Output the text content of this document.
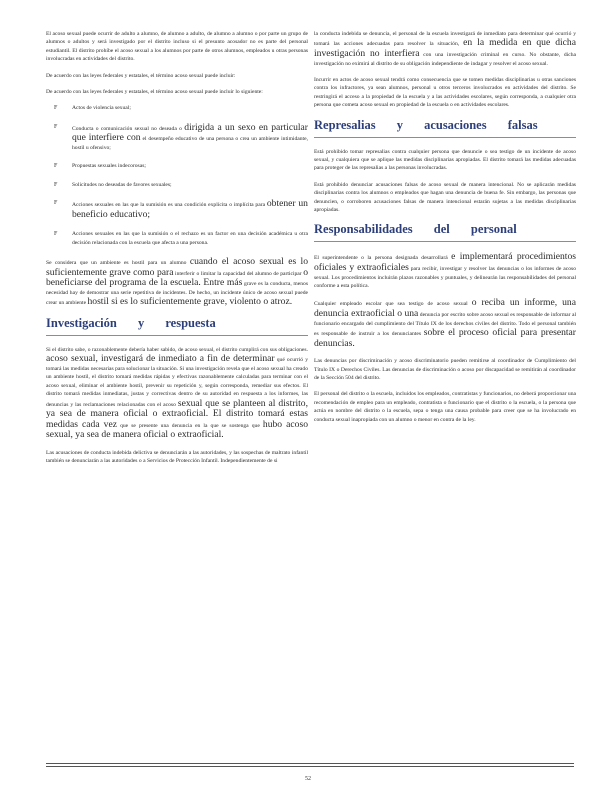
El acoso sexual puede ocurrir de adulto a alumno, de alumno a adulto, de alumno a alumno o por parte un grupo de alumnos o adultos y será investigado por el distrito incluso si el presunto acosador no es parte del personal estudiantil. El distrito prohíbe el acoso sexual a los alumnos por parte de otros alumnos, empleados u otras personas involucradas en actividades del distrito.

De acuerdo con las leyes federales y estatales, el término acoso sexual puede incluir:

De acuerdo con las leyes federales y estatales, el término acoso sexual puede incluir lo siguiente:

F Actos de violencia sexual;
F Conducta o comunicación sexual no deseada o dirigida a un sexo en particular que interfiere con el desempeño educativo de una persona o crea un ambiente intimidante, hostil u ofensivo;
F Propuestas sexuales indecorosas;
F Solicitudes no deseadas de favores sexuales;
F Acciones sexuales en las que la sumisión es una condición explícita o implícita para obtener un beneficio educativo;
F Acciones sexuales en las que la sumisión o el rechazo es un factor en una decisión académica u otra decisión relacionada con la escuela que afecta a una persona.

Se considera que un ambiente es hostil para un alumno cuando el acoso sexual es lo suficientemente grave como para interferir o limitar la capacidad del alumno de participar o beneficiarse del programa de la escuela. Entre más grave es la conducta, menos necesidad hay de demostrar una serie repetitiva de incidentes. De hecho, un incidente único de acoso sexual puede crear un ambiente hostil si es lo suficientemente grave, violento o atroz.

Investigación y respuesta

Si el distrito sabe, o razonablemente debería haber sabido, de acoso sexual, el distrito cumplirá con sus obligaciones. acoso sexual, investigará de inmediato a fin de determinar qué ocurrió y tomará las medidas necesarias para solucionar la situación. Si una investigación revela que el acoso sexual ha creado un ambiente hostil, el distrito tomará medidas rápidas y efectivas razonablemente calculadas para terminar con el acoso sexual, eliminar el ambiente hostil, prevenir su repetición y, según corresponda, remediar sus efectos. El distrito tomará medidas inmediatas, justas y correctivas dentro de su autoridad en respuesta a los informes, las denuncias y las reclamaciones relacionadas con el acoso sexual que se planteen al distrito, ya sea de manera oficial o extraoficial. El distrito tomará estas medidas cada vez que se presente una denuncia en la que se sostenga que hubo acoso sexual, ya sea de manera oficial o extraoficial.

Las acusaciones de conducta indebida delictiva se denunciarán a las autoridades, y las sospechas de maltrato infantil también se denunciarán a las autoridades o a Servicios de Protección Infantil. Independientemente de si

la conducta indebida se denuncia, el personal de la escuela investigará de inmediato para determinar qué ocurrió y tomará las acciones adecuadas para resolver la situación, en la medida en que dicha investigación no interfiera con una investigación criminal en curso. No obstante, dicha investigación no eximirá al distrito de su obligación independiente de indagar y resolver el acoso sexual.

Incurrir en actos de acoso sexual tendrá como consecuencia que se tomen medidas disciplinarias u otras sanciones contra los infractores, ya sean alumnos, personal u otros terceros involucrados en actividades del distrito. Se restringirá el acceso a la propiedad de la escuela y a las actividades escolares, según corresponda, a cualquier otra persona que cometa acoso sexual en propiedad de la escuela o en actividades escolares.

Represalias y acusaciones falsas

Está prohibido tomar represalias contra cualquier persona que denuncie o sea testigo de un incidente de acoso sexual, y cualquiera que se aplique las medidas disciplinarias apropiadas. El distrito tomará las medidas adecuadas para proteger de las represalias a las personas involucradas.

Está prohibido denunciar acusaciones falsas de acoso sexual de manera intencional. No se aplicarán medidas disciplinarias contra los alumnos o empleados que hagan una denuncia de buena fe. Sin embargo, las personas que denuncien, o corroboren acusaciones falsas de manera intencional estarán sujetas a las medidas disciplinarias apropiadas.

Responsabilidades del personal

El superintendente o la persona designada desarrollará e implementará procedimientos oficiales y extraoficiales para recibir, investigar y resolver las denuncias o los informes de acoso sexual. Los procedimientos incluirán plazos razonables y puntuales, y delinearán las responsabilidades del personal conforme a esta política.

Cualquier empleado escolar que sea testigo de acoso sexual o reciba un informe, una denuncia extraoficial o una denuncia por escrito sobre acoso sexual es responsable de informar al funcionario encargado del cumplimiento del Título IX de los derechos civiles del distrito. Todo el personal también es responsable de instruir a los denunciantes sobre el proceso oficial para presentar denuncias.

Las denuncias por discriminación y acoso discriminatorio pueden remitirse al coordinador de Cumplimiento del Título IX o Derechos Civiles. Las denuncias de discriminación o acoso por discapacidad se remitirán al coordinador de la Sección 504 del distrito.

El personal del distrito o la escuela, incluidos los empleados, contratistas y funcionarios, no deberá proporcionar una recomendación de empleo para un empleado, contratista o funcionario que el distrito o la escuela, o la persona que actúa en nombre del distrito o la escuela, sepa o tenga una causa probable para creer que se ha involucrado en conducta sexual inapropiada con un alumno o menor en contra de la ley.

52
